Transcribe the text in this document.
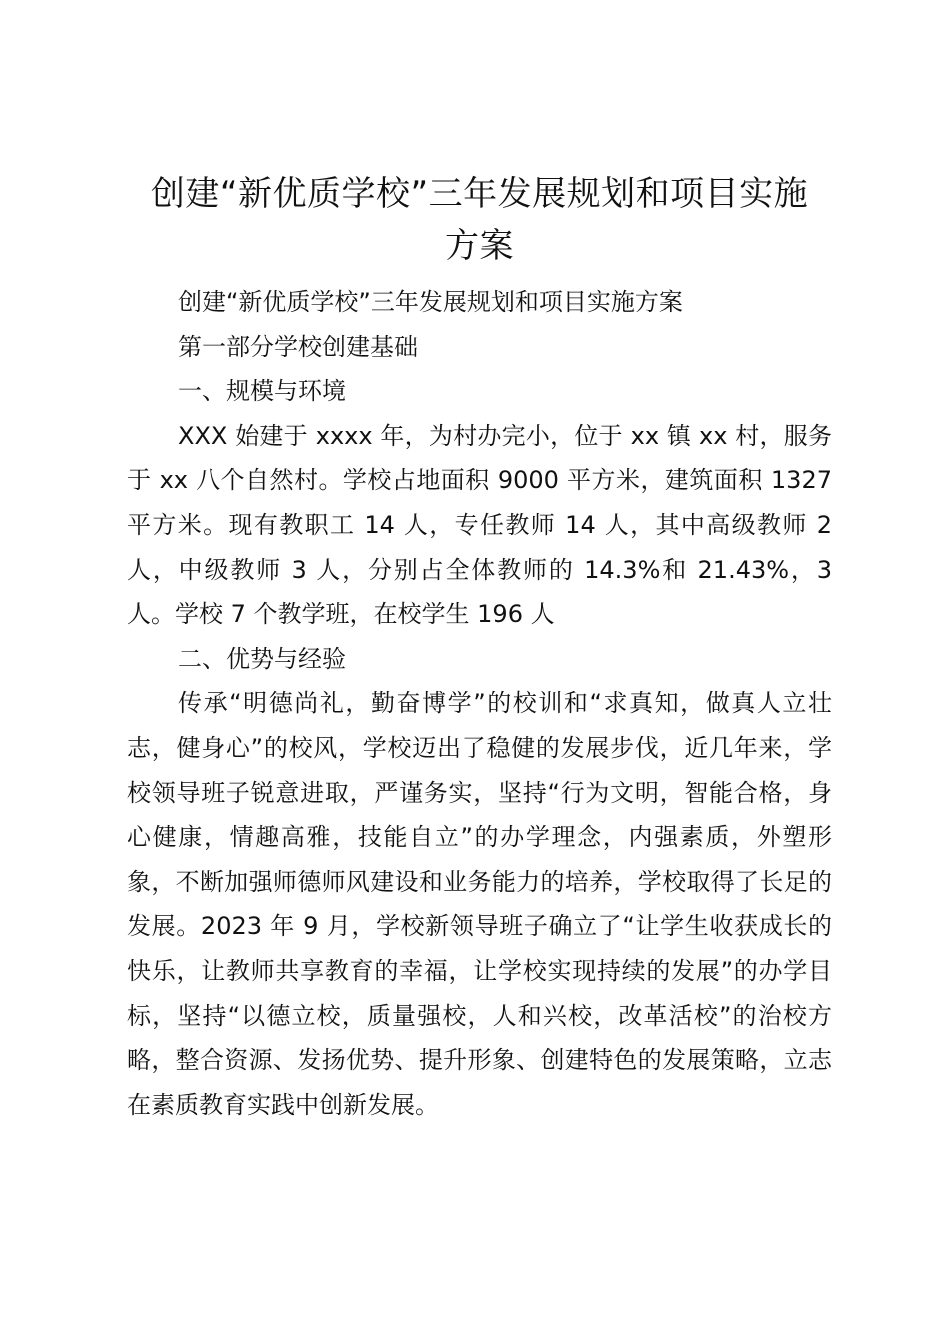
创建“新优质学校”三年发展规划和项目实施
方案

创建“新优质学校”三年发展规划和项目实施方案

第一部分学校创建基础

一、规模与环境

XXX 始建于 xxxx 年，为村办完小，位于 xx 镇 xx 村，服务于 xx 八个自然村。学校占地面积 9000 平方米，建筑面积 1327 平方米。现有教职工 14 人，专任教师 14 人，其中高级教师 2 人，中级教师 3 人，分别占全体教师的 14.3%和 21.43%，3 人。学校 7 个教学班，在校学生 196 人

二、优势与经验

传承“明德尚礼，勤奋博学”的校训和“求真知，做真人立壮志，健身心”的校风，学校迈出了稳健的发展步伐，近几年来，学校领导班子锐意进取，严谨务实，坚持“行为文明，智能合格，身心健康，情趣高雅，技能自立”的办学理念，内强素质，外塑形象，不断加强师德师风建设和业务能力的培养，学校取得了长足的发展。2023 年 9 月，学校新领导班子确立了“让学生收获成长的快乐，让教师共享教育的幸福，让学校实现持续的发展”的办学目标，坚持“以德立校，质量强校，人和兴校，改革活校”的治校方略，整合资源、发扬优势、提升形象、创建特色的发展策略，立志在素质教育实践中创新发展。
